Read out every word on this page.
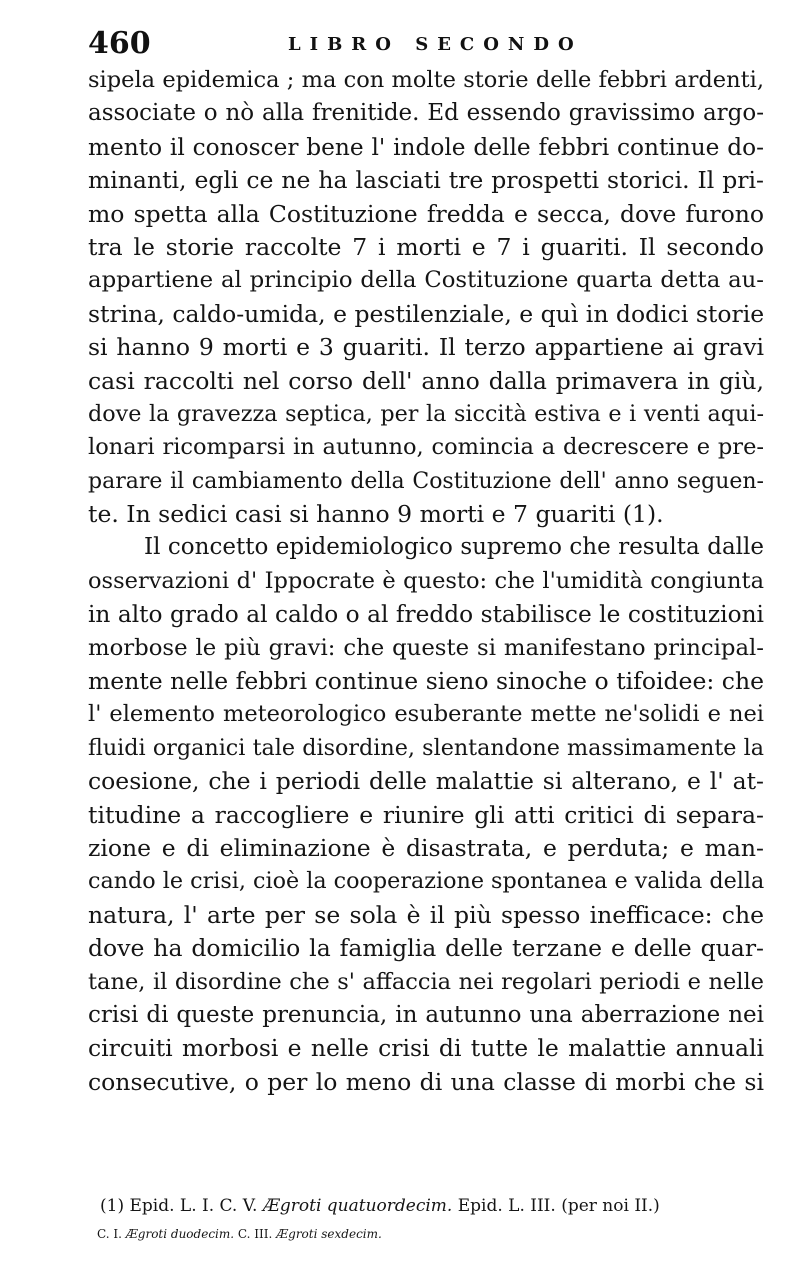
460	LIBRO SECONDO
sipela epidemica ; ma con molte storie delle febbri ardenti,
associate o nò alla frenitide. Ed essendo gravissimo argo-
mento il conoscer bene l' indole delle febbri continue do-
minanti, egli ce ne ha lasciati tre prospetti storici. Il pri-
mo spetta alla Costituzione fredda e secca, dove furono
tra le storie raccolte 7 i morti e 7 i guariti. Il secondo
appartiene al principio della Costituzione quarta detta au-
strina, caldo-umida, e pestilenziale, e quì in dodici storie
si hanno 9 morti e 3 guariti. Il terzo appartiene ai gravi
casi raccolti nel corso dell' anno dalla primavera in giù,
dove la gravezza septica, per la siccità estiva e i venti aqui-
lonari ricomparsi in autunno, comincia a decrescere e pre-
parare il cambiamento della Costituzione dell' anno seguen-
te. In sedici casi si hanno 9 morti e 7 guariti (1).
Il concetto epidemiologico supremo che resulta dalle
osservazioni d' Ippocrate è questo: che l'umidità congiunta
in alto grado al caldo o al freddo stabilisce le costituzioni
morbose le più gravi: che queste si manifestano principal-
mente nelle febbri continue sieno sinoche o tifoidee: che
l' elemento meteorologico esuberante mette ne'solidi e nei
fluidi organici tale disordine, slentandone massimamente la
coesione, che i periodi delle malattie si alterano, e l' at-
titudine a raccogliere e riunire gli atti critici di separa-
zione e di eliminazione è disastrata, e perduta; e man-
cando le crisi, cioè la cooperazione spontanea e valida della
natura, l' arte per se sola è il più spesso inefficace: che
dove ha domicilio la famiglia delle terzane e delle quar-
tane, il disordine che s' affaccia nei regolari periodi e nelle
crisi di queste prenuncia, in autunno una aberrazione nei
circuiti morbosi e nelle crisi di tutte le malattie annuali
consecutive, o per lo meno di una classe di morbi che si
(1) Epid. L. I. C. V. Ægroti quatuordecim. Epid. L. III. (per noi II.)
C. I. Ægroti duodecim. C. III. Ægroti sexdecim.
